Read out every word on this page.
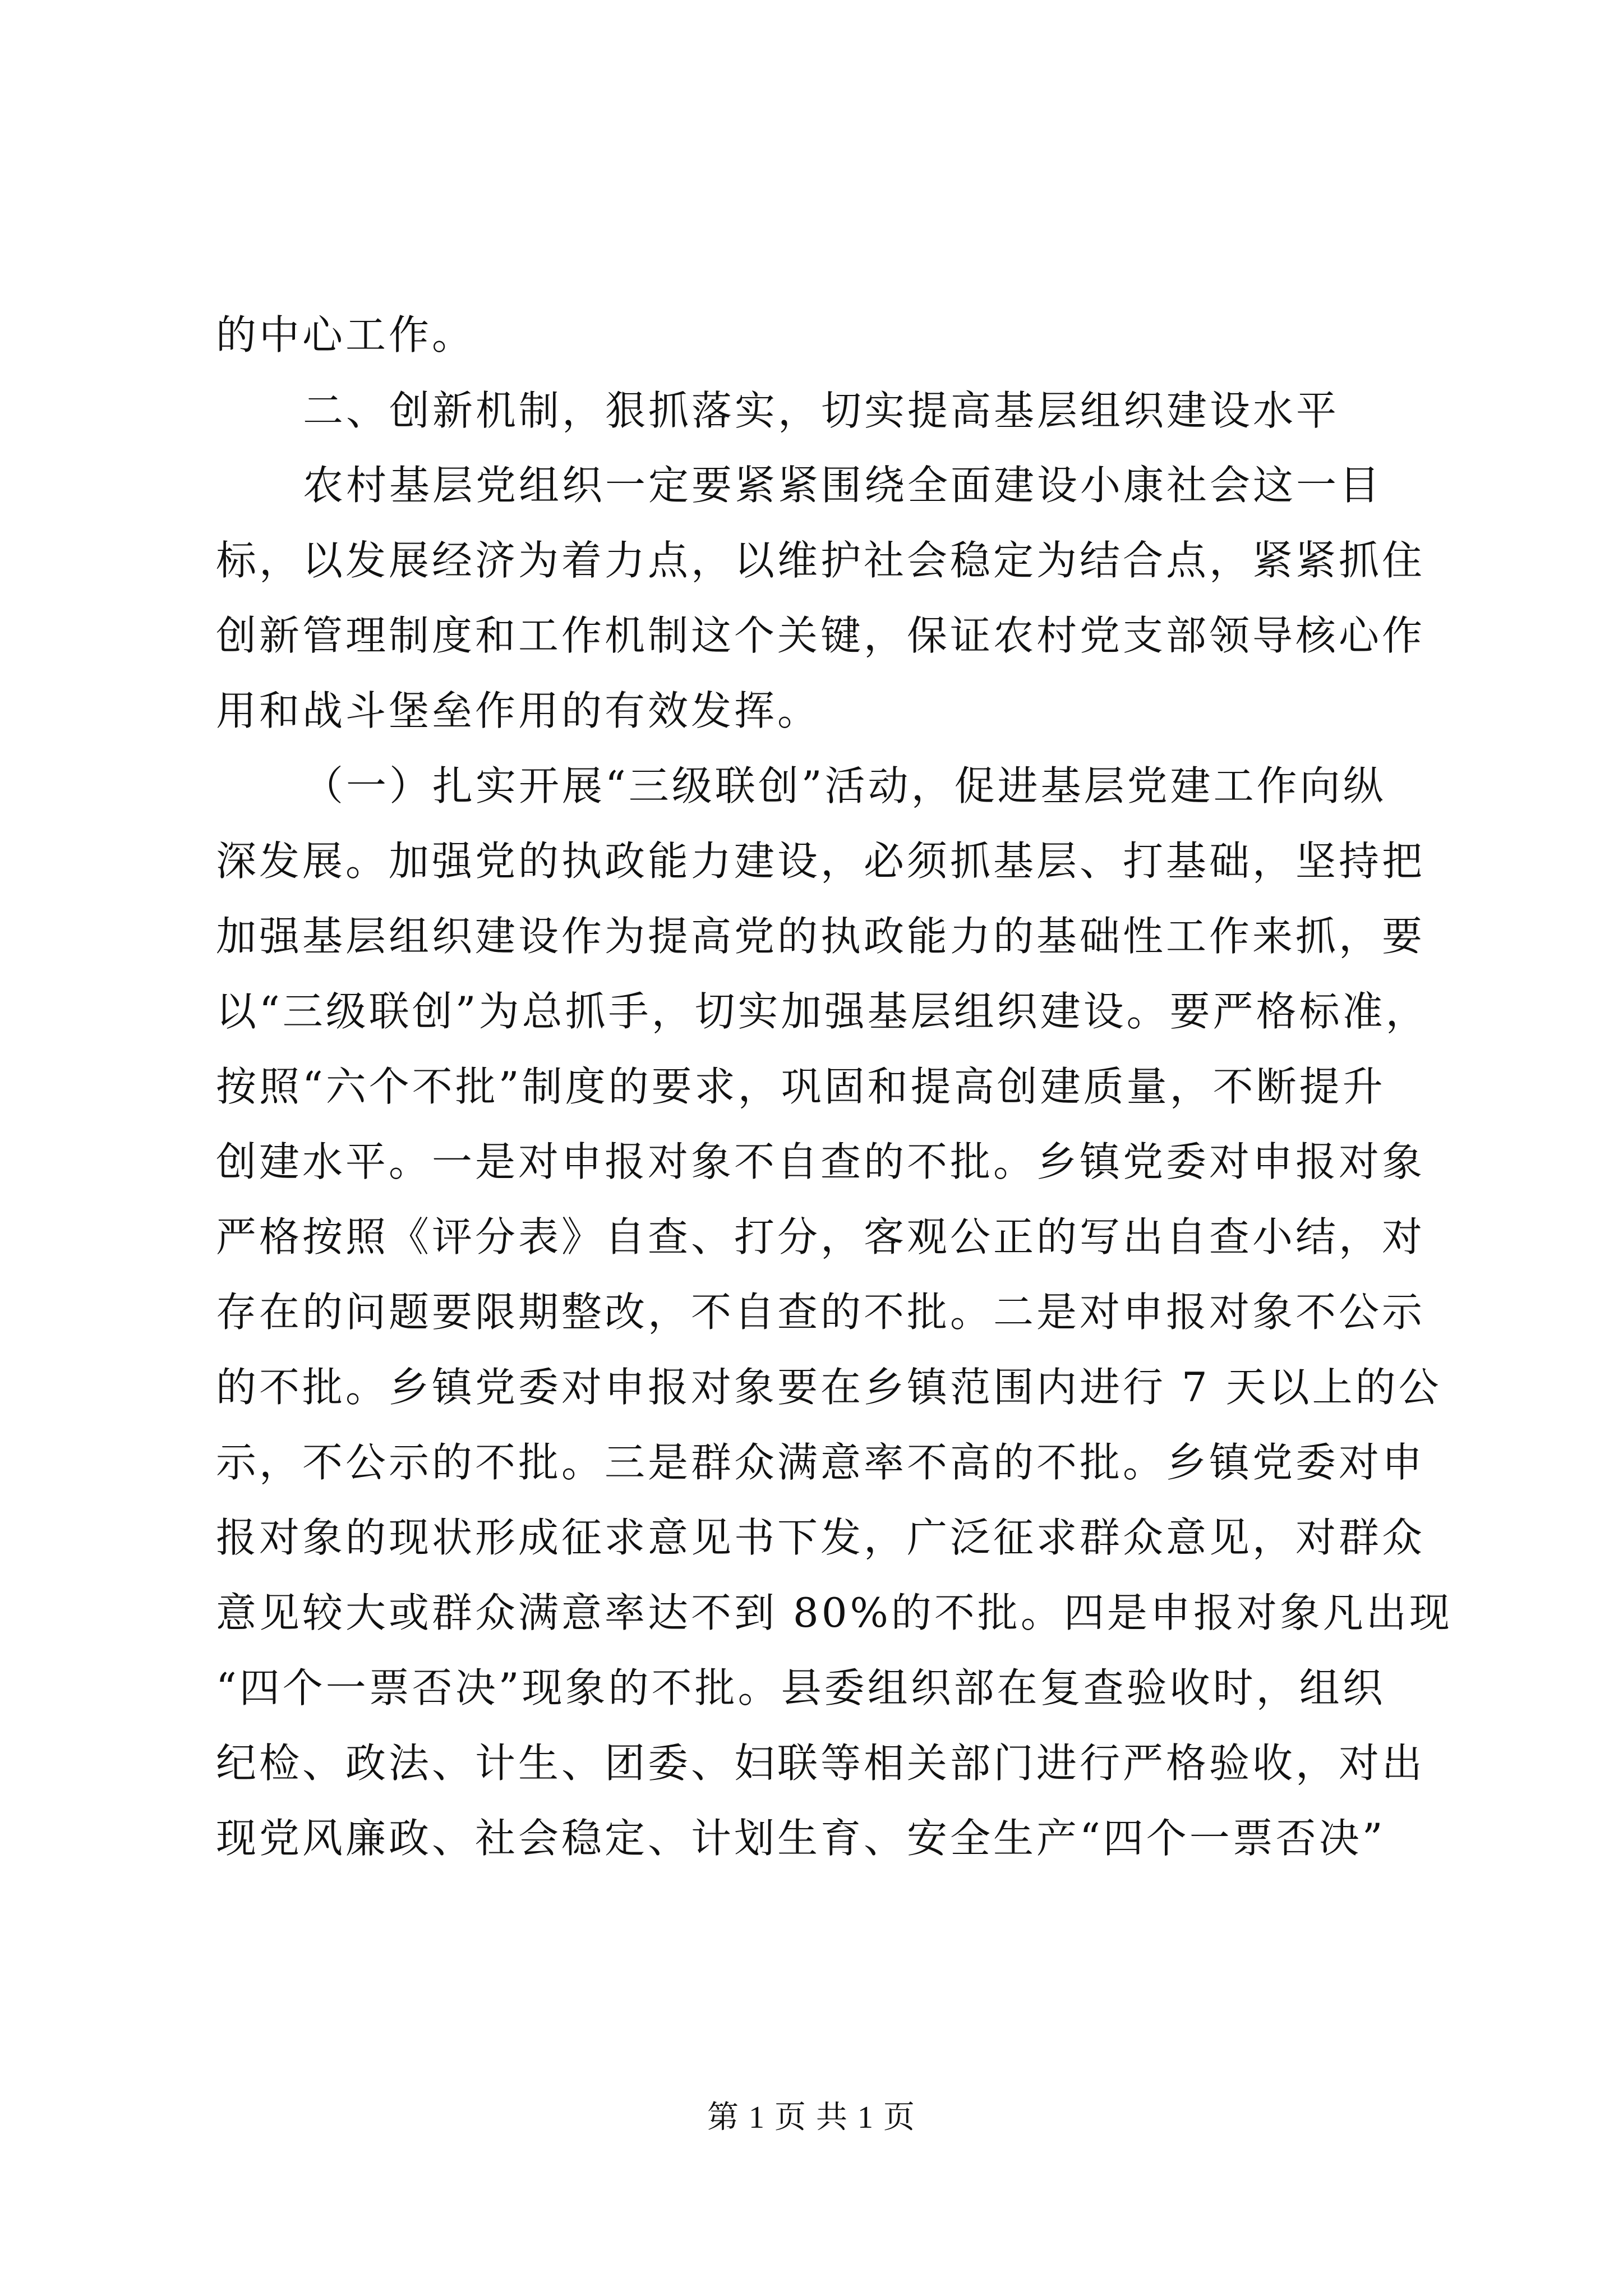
的中心工作。

二、创新机制，狠抓落实，切实提高基层组织建设水平

农村基层党组织一定要紧紧围绕全面建设小康社会这一目

标，以发展经济为着力点，以维护社会稳定为结合点，紧紧抓住

创新管理制度和工作机制这个关键，保证农村党支部领导核心作

用和战斗堡垒作用的有效发挥。

（一）扎实开展“三级联创”活动，促进基层党建工作向纵

深发展。加强党的执政能力建设，必须抓基层、打基础，坚持把

加强基层组织建设作为提高党的执政能力的基础性工作来抓，要

以“三级联创”为总抓手，切实加强基层组织建设。要严格标准，

按照“六个不批”制度的要求，巩固和提高创建质量，不断提升

创建水平。一是对申报对象不自查的不批。乡镇党委对申报对象

严格按照《评分表》自查、打分，客观公正的写出自查小结，对

存在的问题要限期整改，不自查的不批。二是对申报对象不公示

的不批。乡镇党委对申报对象要在乡镇范围内进行 7 天以上的公

示，不公示的不批。三是群众满意率不高的不批。乡镇党委对申

报对象的现状形成征求意见书下发，广泛征求群众意见，对群众

意见较大或群众满意率达不到 80%的不批。四是申报对象凡出现

“四个一票否决”现象的不批。县委组织部在复查验收时，组织

纪检、政法、计生、团委、妇联等相关部门进行严格验收，对出

现党风廉政、社会稳定、计划生育、安全生产“四个一票否决”

第 1 页 共 1 页
